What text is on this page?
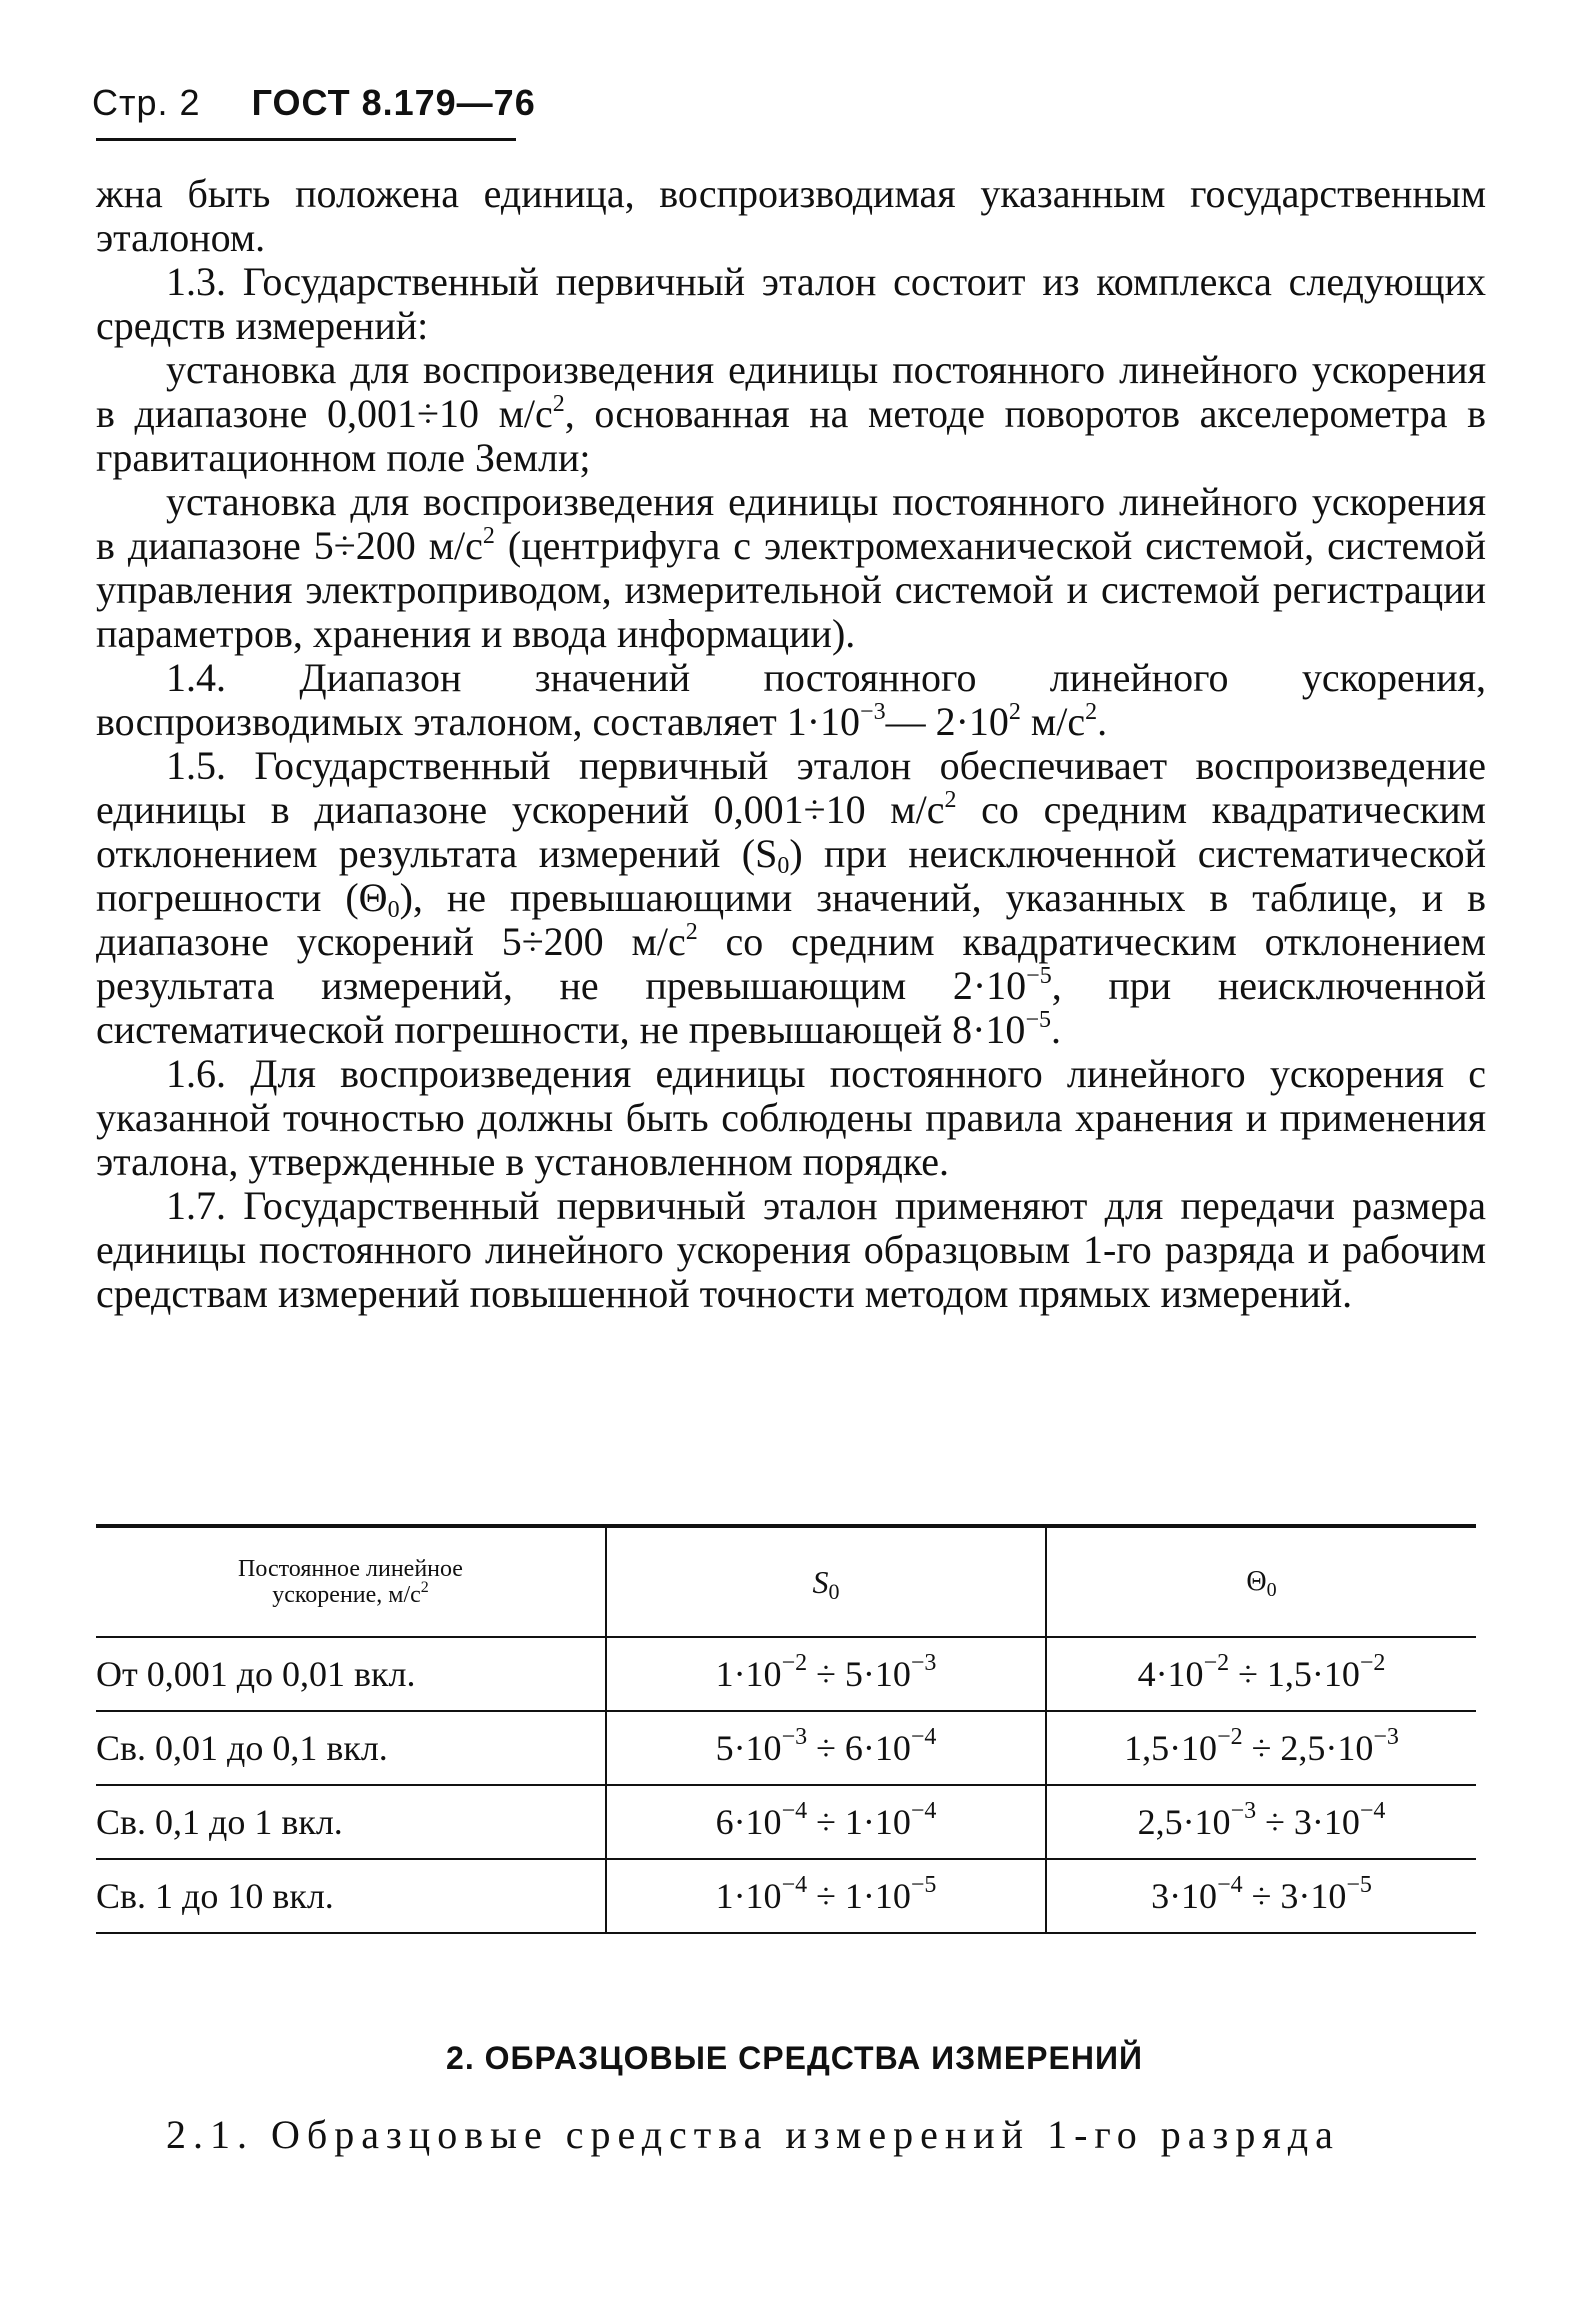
Стр. 2 ГОСТ 8.179—76

жна быть положена единица, воспроизводимая указанным государственным эталоном.

1.3. Государственный первичный эталон состоит из комплекса следующих средств измерений:

установка для воспроизведения единицы постоянного линейного ускорения в диапазоне 0,001÷10 $м/с^2$, основанная на методе поворотов акселерометра в гравитационном поле Земли;

установка для воспроизведения единицы постоянного линейного ускорения в диапазоне 5÷200 $м/с^2$ (центрифуга с электромеханической системой, системой управления электроприводом, измерительной системой и системой регистрации параметров, хранения и ввода информации).

1.4. Диапазон значений постоянного линейного ускорения, воспроизводимых эталоном, составляет $1\cdot 10^{-3}—$ $2\cdot 10^2$ $м/с^2$.

1.5. Государственный первичный эталон обеспечивает воспроизведение единицы в диапазоне ускорений 0,001÷10 $м/с^2$ со средним квадратическим отклонением результата измерений $(S_0)$ при неисключенной систематической погрешности $(\Theta_0)$, не превышающими значений, указанных в таблице, и в диапазоне ускорений 5÷200 $м/с^2$ со средним квадратическим отклонением результата измерений, не превышающим $2\cdot 10^{-5}$, при неисключенной систематической погрешности, не превышающей $8\cdot 10^{-5}$.

1.6. Для воспроизведения единицы постоянного линейного ускорения с указанной точностью должны быть соблюдены правила хранения и применения эталона, утвержденные в установленном порядке.

1.7. Государственный первичный эталон применяют для передачи размера единицы постоянного линейного ускорения образцовым 1-го разряда и рабочим средствам измерений повышенной точности методом прямых измерений.

Постоянное линейное
ускорение, $м/с^2$	$S_0$	$\Theta_0$
От 0,001 до 0,01 вкл.	$1\cdot 10^{-2} \div 5\cdot 10^{-3}$	$4\cdot 10^{-2} \div 1,5\cdot 10^{-2}$
Св. 0,01 до 0,1 вкл.	$5\cdot 10^{-3} \div 6\cdot 10^{-4}$	$1,5\cdot 10^{-2} \div 2,5\cdot 10^{-3}$
Св. 0,1 до 1 вкл.	$6\cdot 10^{-4} \div 1\cdot 10^{-4}$	$2,5\cdot 10^{-3} \div 3\cdot 10^{-4}$
Св. 1 до 10 вкл.	$1\cdot 10^{-4} \div 1\cdot 10^{-5}$	$3\cdot 10^{-4} \div 3\cdot 10^{-5}$
2. ОБРАЗЦОВЫЕ СРЕДСТВА ИЗМЕРЕНИЙ

2.1. Образцовые средства измерений 1-го разряда
